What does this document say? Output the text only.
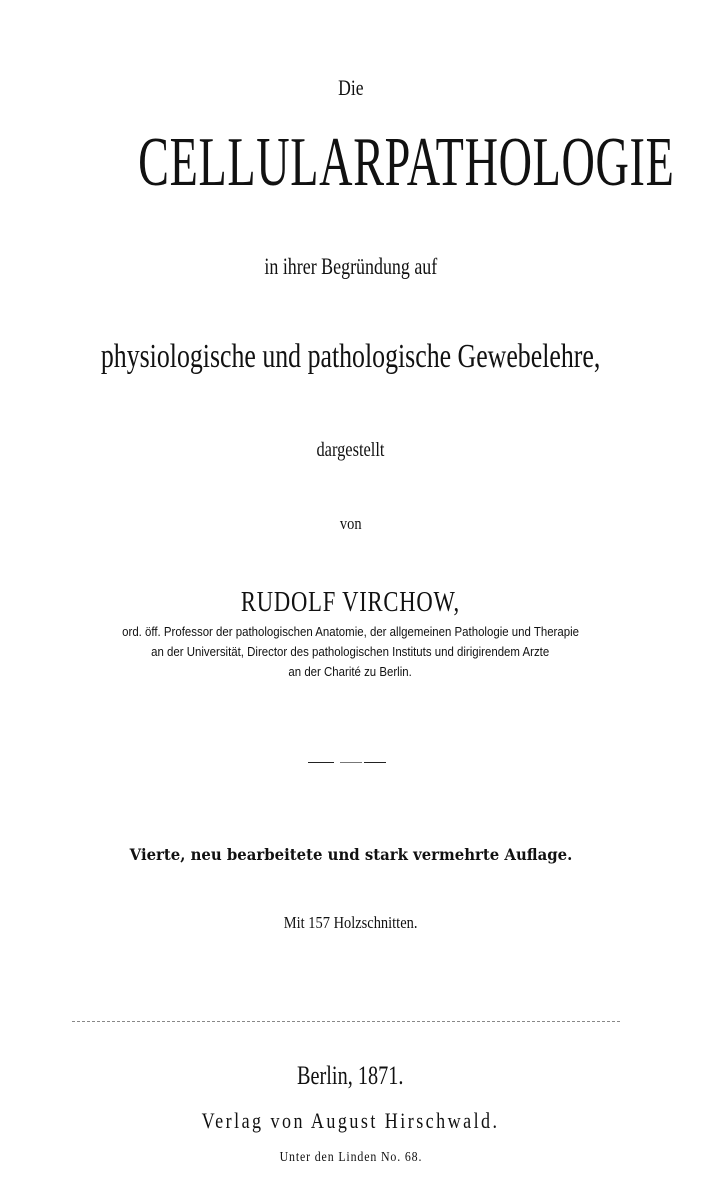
Die
CELLULARPATHOLOGIE
in ihrer Begründung auf
physiologische und pathologische Gewebelehre,
dargestellt
von
RUDOLF VIRCHOW,
ord. öff. Professor der pathologischen Anatomie, der allgemeinen Pathologie und Therapie
an der Universität, Director des pathologischen Instituts und dirigirendem Arzte
an der Charité zu Berlin.
Vierte, neu bearbeitete und stark vermehrte Auflage.
Mit 157 Holzschnitten.
Berlin, 1871.
Verlag von August Hirschwald.
Unter den Linden No. 68.
